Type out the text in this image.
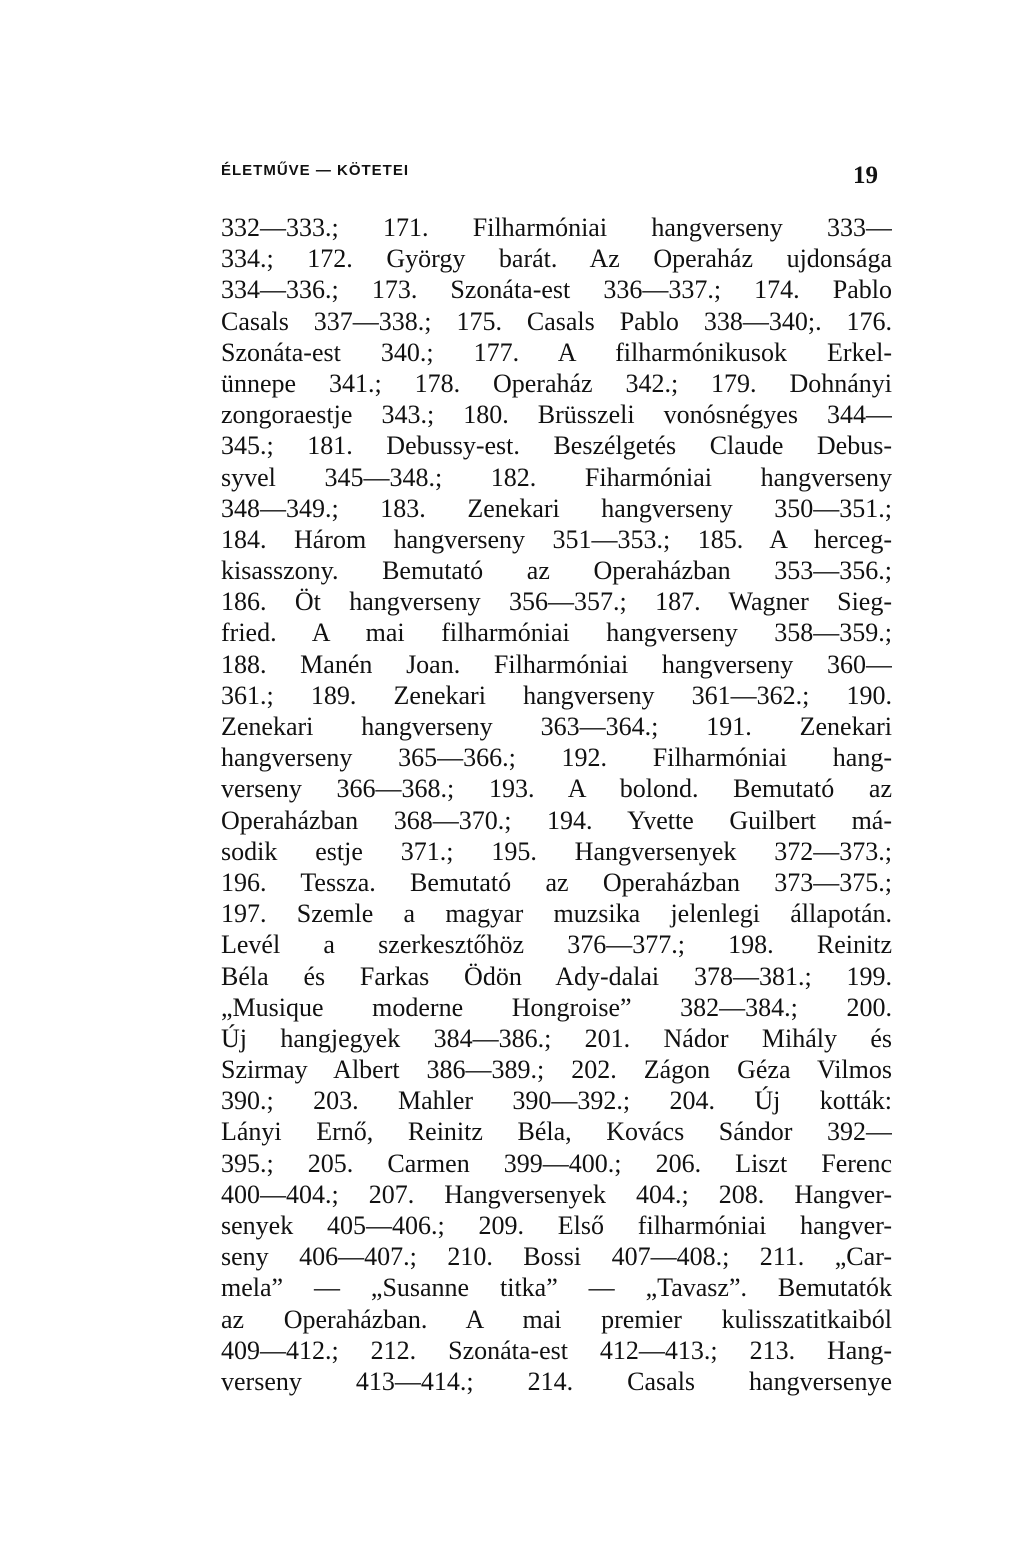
ÉLETMŰVE — KÖTETEI	19
332—333.; 171. Filharmóniai hangverseny 333—
334.; 172. György barát. Az Operaház ujdonsága
334—336.; 173. Szonáta-est 336—337.; 174. Pablo
Casals 337—338.; 175. Casals Pablo 338—340;. 176.
Szonáta-est 340.; 177. A filharmónikusok Erkel-
ünnepe 341.; 178. Operaház 342.; 179. Dohnányi
zongoraestje 343.; 180. Brüsszeli vonósnégyes 344—
345.; 181. Debussy-est. Beszélgetés Claude Debus-
syvel 345—348.; 182. Fiharmóniai hangverseny
348—349.; 183. Zenekari hangverseny 350—351.;
184. Három hangverseny 351—353.; 185. A herceg-
kisasszony. Bemutató az Operaházban 353—356.;
186. Öt hangverseny 356—357.; 187. Wagner Sieg-
fried. A mai filharmóniai hangverseny 358—359.;
188. Manén Joan. Filharmóniai hangverseny 360—
361.; 189. Zenekari hangverseny 361—362.; 190.
Zenekari hangverseny 363—364.; 191. Zenekari
hangverseny 365—366.; 192. Filharmóniai hang-
verseny 366—368.; 193. A bolond. Bemutató az
Operaházban 368—370.; 194. Yvette Guilbert má-
sodik estje 371.; 195. Hangversenyek 372—373.;
196. Tessza. Bemutató az Operaházban 373—375.;
197. Szemle a magyar muzsika jelenlegi állapotán.
Levél a szerkesztőhöz 376—377.; 198. Reinitz
Béla és Farkas Ödön Ady-dalai 378—381.; 199.
„Musique moderne Hongroise” 382—384.; 200.
Új hangjegyek 384—386.; 201. Nádor Mihály és
Szirmay Albert 386—389.; 202. Zágon Géza Vilmos
390.; 203. Mahler 390—392.; 204. Új kották:
Lányi Ernő, Reinitz Béla, Kovács Sándor 392—
395.; 205. Carmen 399—400.; 206. Liszt Ferenc
400—404.; 207. Hangversenyek 404.; 208. Hangver-
senyek 405—406.; 209. Első filharmóniai hangver-
seny 406—407.; 210. Bossi 407—408.; 211. „Car-
mela” — „Susanne titka” — „Tavasz”. Bemutatók
az Operaházban. A mai premier kulisszatitkaiból
409—412.; 212. Szonáta-est 412—413.; 213. Hang-
verseny 413—414.; 214. Casals hangversenye
